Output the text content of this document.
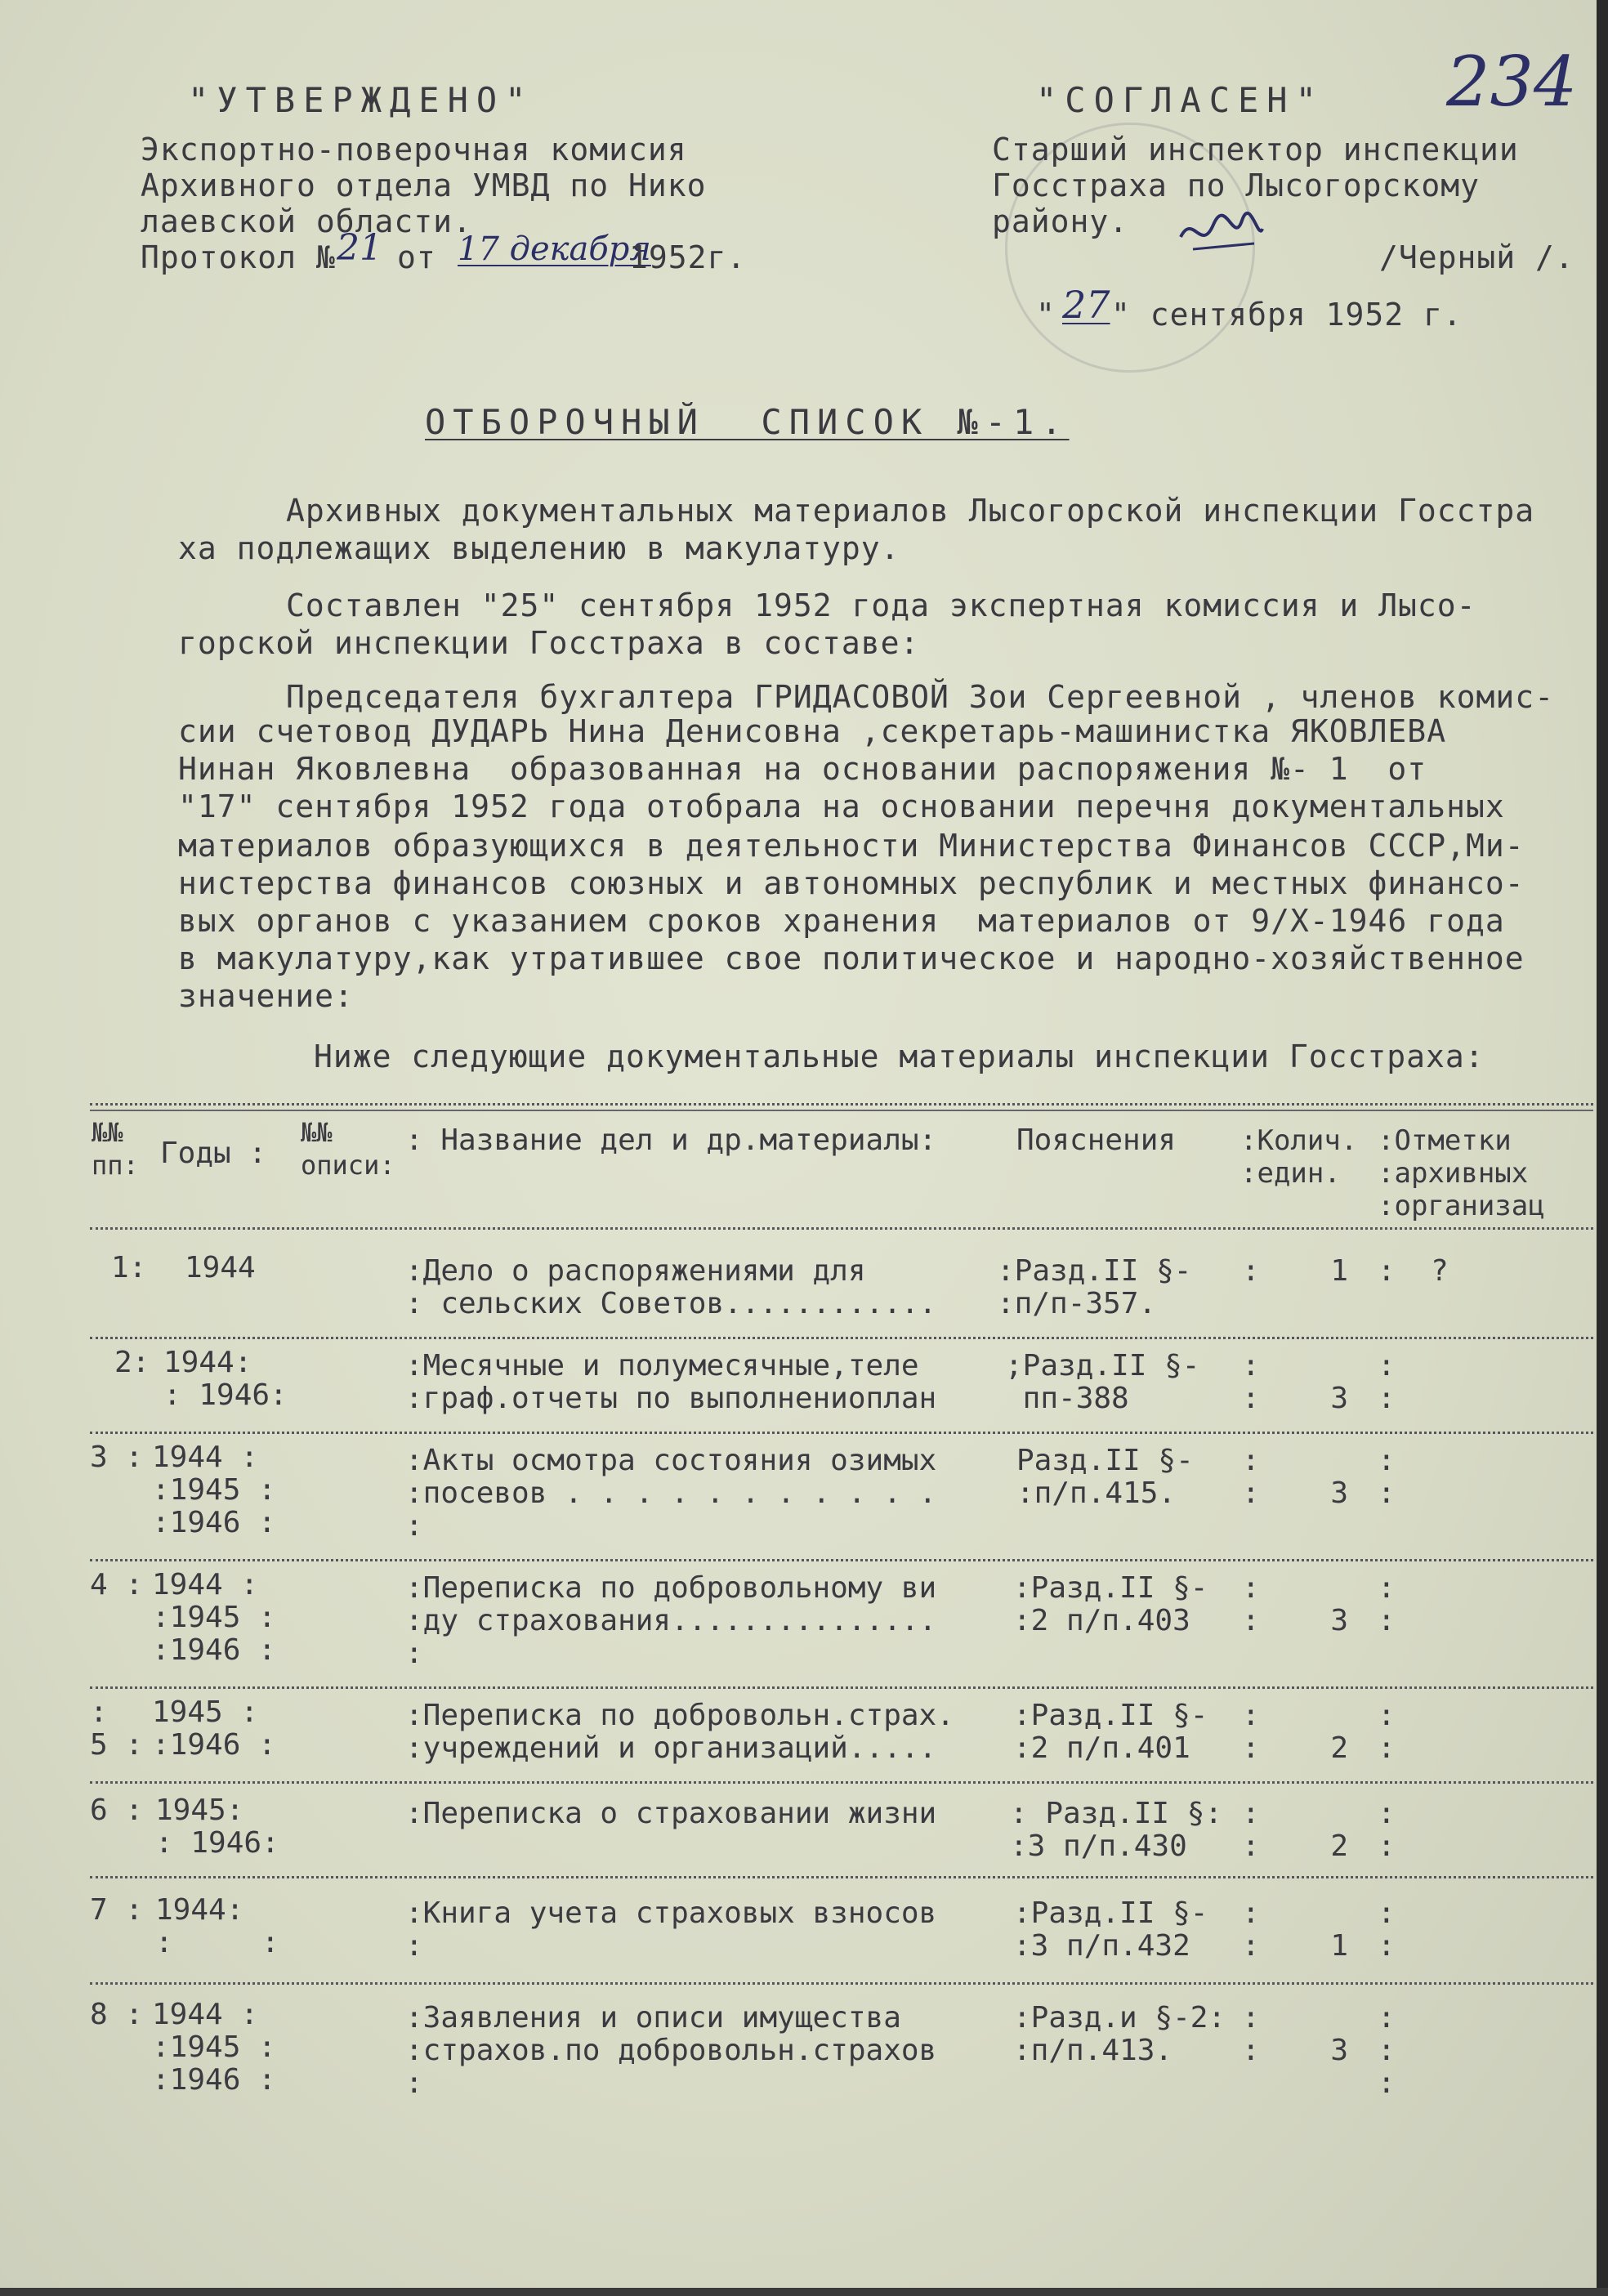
234
"УТВЕРЖДЕНО"
Экспортно-поверочная комисия
Архивного отдела УМВД по Нико
лаевской области.
Протокол № 21 от 17 декабря
1952г.
"СОГЛАСЕН"
Старший инспектор инспекции
Госстраха по Лысогорскому
району.
/Черный /.
" 27 " сентября 1952 г.
ОТБОРОЧНЫЙ  СПИСОК №-1.
Архивных документальных материалов Лысогорской инспекции Госстра
ха подлежащих выделению в макулатуру.
Составлен "25" сентября 1952 года экспертная комиссия и Лысо-
горской инспекции Госстраха в составе:
Председателя бухгалтера ГРИДАСОВОЙ Зои Сергеевной , членов комис-
сии счетовод ДУДАРЬ Нина Денисовна ,секретарь-машинистка ЯКОВЛЕВА
Нинан Яковлевна  образованная на основании распоряжения №- 1  от
"17" сентября 1952 года отобрала на основании перечня документальных
материалов образующихся в деятельности Министерства Финансов СССР,Ми-
нистерства финансов союзных и автономных республик и местных финансо-
вых органов с указанием сроков хранения  материалов от 9/Х-1946 года
в макулатуру,как утратившее свое политическое и народно-хозяйственное
значение:
Ниже следующие документальные материалы инспекции Госстраха:
№№
пп: Годы :
№№
описи:
: Название дел и др.материалы:	Пояснения :Колич.
:един.
:Отметки
:архивных
:организац
1: 1944	:Дело о распоряжениями для
: сельских Советов............
:Разд.II §-
:п/п-357.
:    1 :  ?
2: 1944:
: 1946:
:Месячные и полумесячные,теле
:граф.отчеты по выполнениоплан
;Разд.II §-
пп-388
:
:    3
:
:
3 : 1944 :
:1945 :
:1946 :
:Акты осмотра состояния озимых
:посевов . . . . . . . . . . .
:
Разд.II §-
:п/п.415.
:
:    3
:
:
4 : 1944 :
:1945 :
:1946 :
:Переписка по добровольному ви
:ду страхования...............
:
:Разд.II §-
:2 п/п.403
:
:    3
:
:
:
5 :
1945 :
:1946 :
:Переписка по добровольн.страх.
:учреждений и организаций.....
:Разд.II §-
:2 п/п.401
:
:    2
:
:
6 : 1945:
: 1946:
:Переписка о страховании жизни : Разд.II §:
:3 п/п.430
:
:    2
:
:
7 : 1944:
:     :
:Книга учета страховых взносов
:
:Разд.II §-
:3 п/п.432
:
:    1
:
:
8 : 1944 :
:1945 :
:1946 :
:Заявления и описи имущества
:страхов.по добровольн.страхов
:
:Разд.и §-2:
:п/п.413.
:
:    3
:
:
:
